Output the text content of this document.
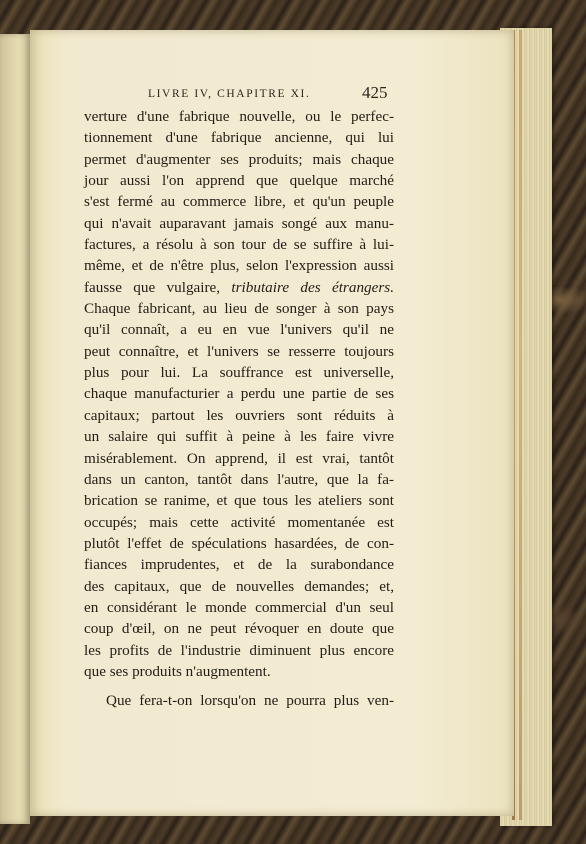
LIVRE IV, CHAPITRE XI.	425
verture d'une fabrique nouvelle, ou le perfec-
tionnement d'une fabrique ancienne, qui lui
permet d'augmenter ses produits; mais chaque
jour aussi l'on apprend que quelque marché
s'est fermé au commerce libre, et qu'un peuple
qui n'avait auparavant jamais songé aux manu-
factures, a résolu à son tour de se suffire à lui-
même, et de n'être plus, selon l'expression aussi
fausse que vulgaire, tributaire des étrangers.
Chaque fabricant, au lieu de songer à son pays
qu'il connaît, a eu en vue l'univers qu'il ne
peut connaître, et l'univers se resserre toujours
plus pour lui. La souffrance est universelle,
chaque manufacturier a perdu une partie de ses
capitaux; partout les ouvriers sont réduits à
un salaire qui suffit à peine à les faire vivre
misérablement. On apprend, il est vrai, tantôt
dans un canton, tantôt dans l'autre, que la fa-
brication se ranime, et que tous les ateliers sont
occupés; mais cette activité momentanée est
plutôt l'effet de spéculations hasardées, de con-
fiances imprudentes, et de la surabondance
des capitaux, que de nouvelles demandes; et,
en considérant le monde commercial d'un seul
coup d'œil, on ne peut révoquer en doute que
les profits de l'industrie diminuent plus encore
que ses produits n'augmentent.
Que fera-t-on lorsqu'on ne pourra plus ven-
